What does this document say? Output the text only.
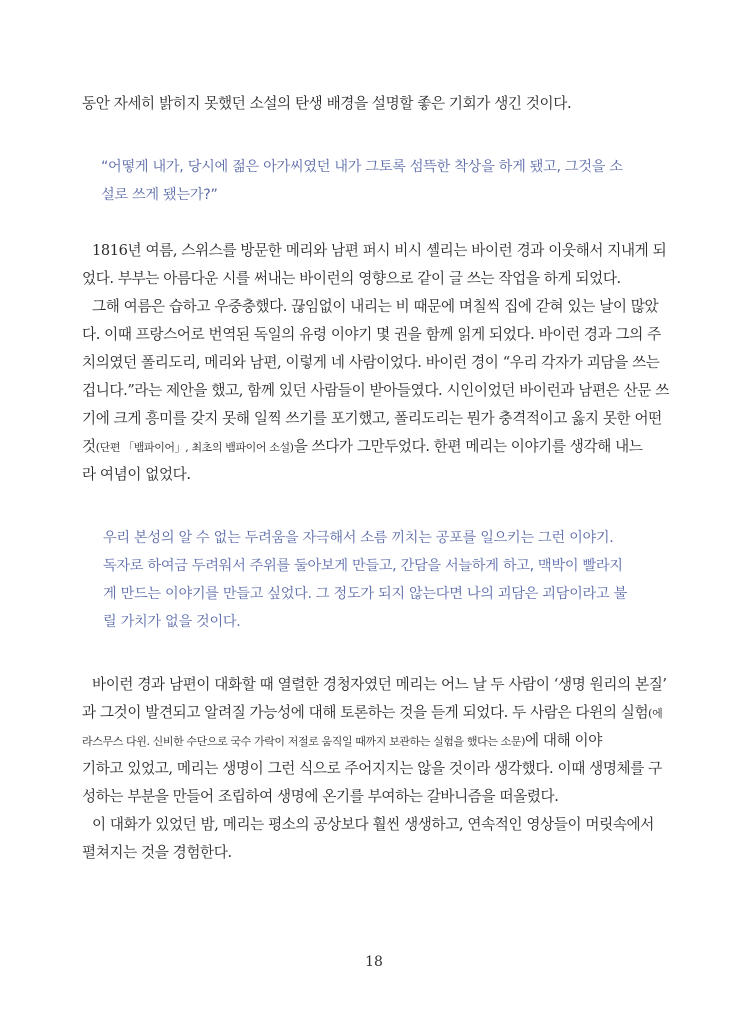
동안 자세히 밝히지 못했던 소설의 탄생 배경을 설명할 좋은 기회가 생긴 것이다.
“어떻게 내가, 당시에 젊은 아가씨였던 내가 그토록 섬뜩한 착상을 하게 됐고, 그것을 소
설로 쓰게 됐는가?”
1816년 여름, 스위스를 방문한 메리와 남편 퍼시 비시 셸리는 바이런 경과 이웃해서 지내게 되
었다. 부부는 아름다운 시를 써내는 바이런의 영향으로 같이 글 쓰는 작업을 하게 되었다.
그해 여름은 습하고 우중충했다. 끊임없이 내리는 비 때문에 며칠씩 집에 갇혀 있는 날이 많았
다. 이때 프랑스어로 번역된 독일의 유령 이야기 몇 권을 함께 읽게 되었다. 바이런 경과 그의 주
치의였던 폴리도리, 메리와 남편, 이렇게 네 사람이었다. 바이런 경이 “우리 각자가 괴담을 쓰는
겁니다.”라는 제안을 했고, 함께 있던 사람들이 받아들였다. 시인이었던 바이런과 남편은 산문 쓰
기에 크게 흥미를 갖지 못해 일찍 쓰기를 포기했고, 폴리도리는 뭔가 충격적이고 옳지 못한 어떤
것(단편 「뱀파이어」, 최초의 뱀파이어 소설)을 쓰다가 그만두었다. 한편 메리는 이야기를 생각해 내느
라 여념이 없었다.
우리 본성의 알 수 없는 두려움을 자극해서 소름 끼치는 공포를 일으키는 그런 이야기.
독자로 하여금 두려워서 주위를 둘아보게 만들고, 간담을 서늘하게 하고, 맥박이 빨라지
게 만드는 이야기를 만들고 싶었다. 그 정도가 되지 않는다면 나의 괴담은 괴담이라고 불
릴 가치가 없을 것이다.
바이런 경과 남편이 대화할 때 열렬한 경청자였던 메리는 어느 날 두 사람이 ‘생명 원리의 본질’
과 그것이 발견되고 알려질 가능성에 대해 토론하는 것을 듣게 되었다. 두 사람은 다윈의 실험(에
라스무스 다윈. 신비한 수단으로 국수 가락이 저절로 움직일 때까지 보관하는 실험을 했다는 소문)에 대해 이야
기하고 있었고, 메리는 생명이 그런 식으로 주어지지는 않을 것이라 생각했다. 이때 생명체를 구
성하는 부분을 만들어 조립하여 생명에 온기를 부여하는 갈바니즘을 떠올렸다.
이 대화가 있었던 밤, 메리는 평소의 공상보다 훨씬 생생하고, 연속적인 영상들이 머릿속에서
펼쳐지는 것을 경험한다.
18
